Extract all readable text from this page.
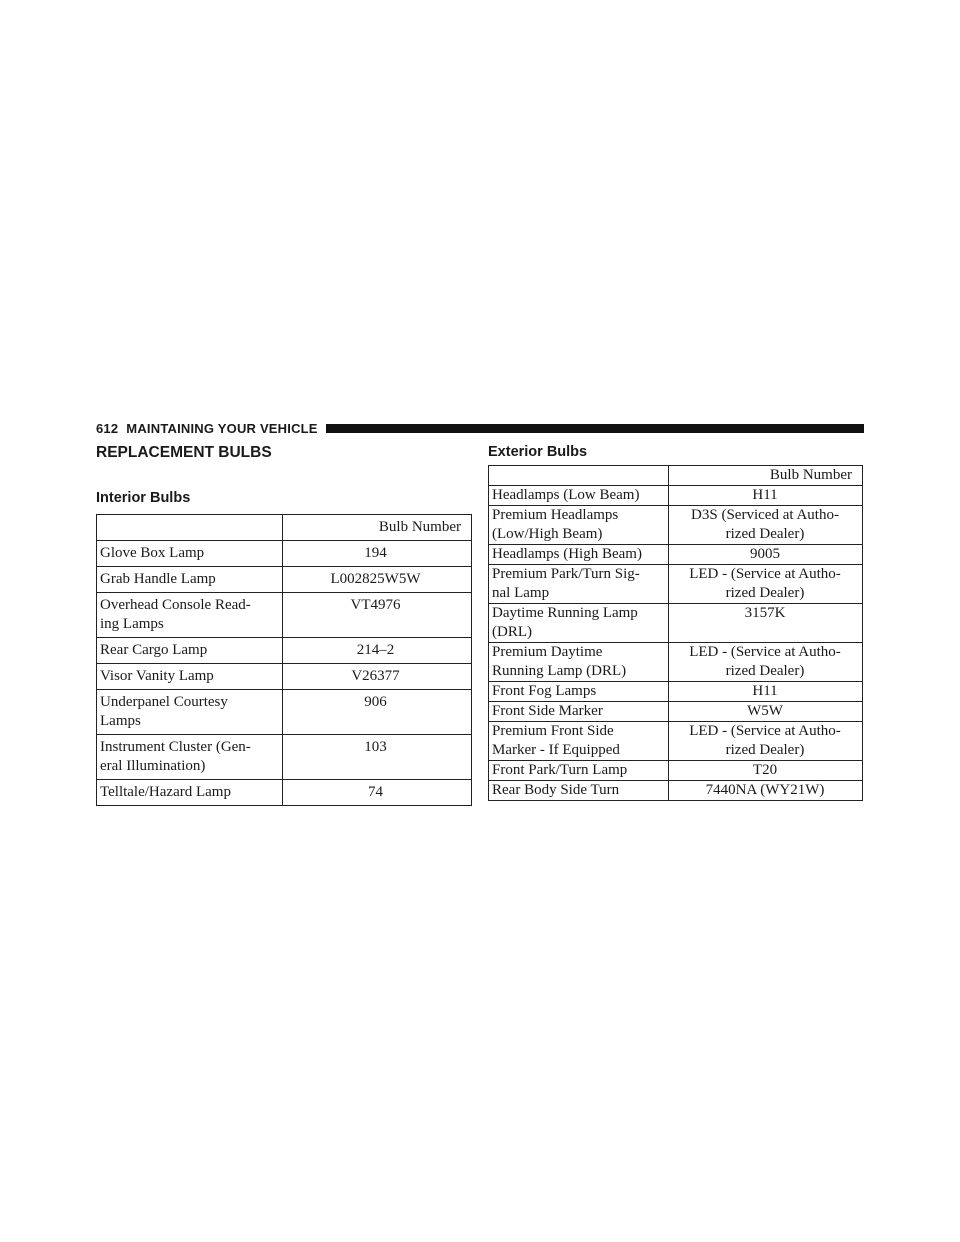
612 MAINTAINING YOUR VEHICLE
REPLACEMENT BULBS
Interior Bulbs
	Bulb Number
Glove Box Lamp	194
Grab Handle Lamp	L002825W5W
Overhead Console Read-
ing Lamps	VT4976
Rear Cargo Lamp	214–2
Visor Vanity Lamp	V26377
Underpanel Courtesy
Lamps	906
Instrument Cluster (Gen-
eral Illumination)	103
Telltale/Hazard Lamp	74
Exterior Bulbs
	Bulb Number
Headlamps (Low Beam)	H11
Premium Headlamps
(Low/High Beam)	D3S (Serviced at Autho-
rized Dealer)
Headlamps (High Beam)	9005
Premium Park/Turn Sig-
nal Lamp	LED - (Service at Autho-
rized Dealer)
Daytime Running Lamp
(DRL)	3157K
Premium Daytime
Running Lamp (DRL)	LED - (Service at Autho-
rized Dealer)
Front Fog Lamps	H11
Front Side Marker	W5W
Premium Front Side
Marker - If Equipped	LED - (Service at Autho-
rized Dealer)
Front Park/Turn Lamp	T20
Rear Body Side Turn	7440NA (WY21W)
